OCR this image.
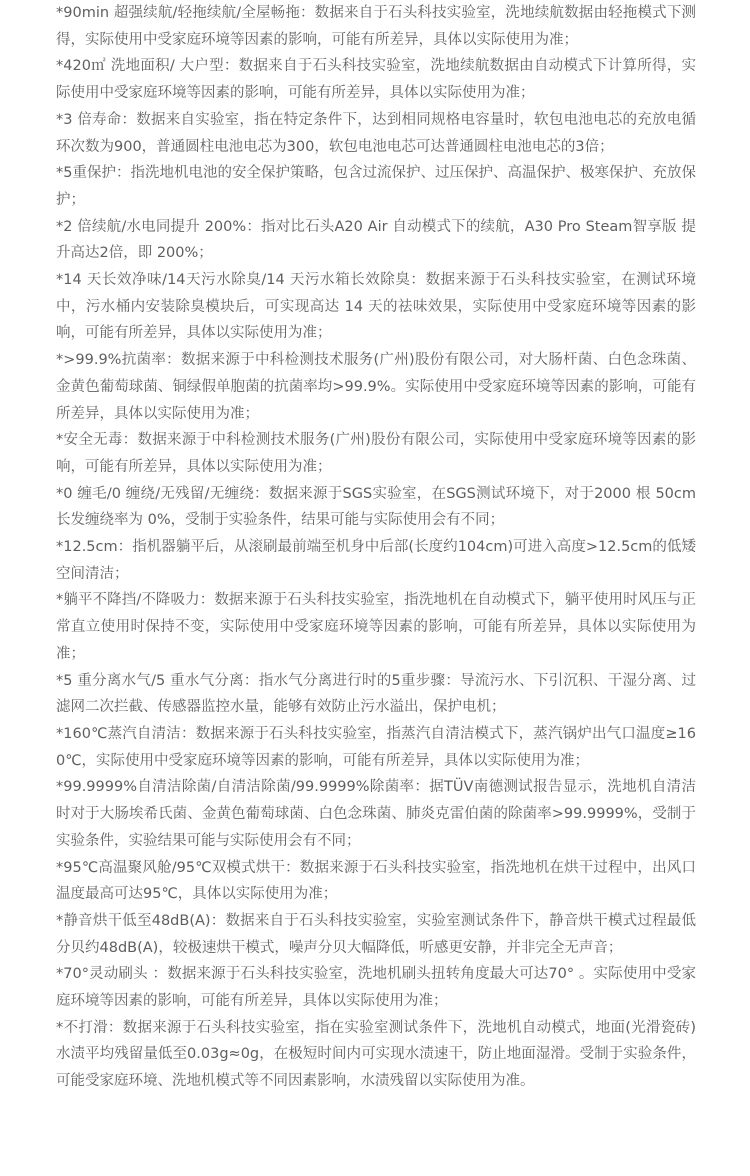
*90min 超强续航/轻拖续航/全屋畅拖：数据来自于石头科技实验室，洗地续航数据由轻拖模式下测得，实际使用中受家庭环境等因素的影响，可能有所差异，具体以实际使用为准；

*420㎡ 洗地面积/ 大户型：数据来自于石头科技实验室，洗地续航数据由自动模式下计算所得，实际使用中受家庭环境等因素的影响，可能有所差异，具体以实际使用为准；

*3 倍寿命：数据来自实验室，指在特定条件下，达到相同规格电容量时，软包电池电芯的充放电循环次数为900，普通圆柱电池电芯为300，软包电池电芯可达普通圆柱电池电芯的3倍；

*5重保护：指洗地机电池的安全保护策略，包含过流保护、过压保护、高温保护、极寒保护、充放保护；

*2 倍续航/水电同提升 200%：指对比石头A20 Air 自动模式下的续航，A30 Pro Steam智享版 提升高达2倍，即 200%；

*14 天长效净味/14天污水除臭/14 天污水箱长效除臭：数据来源于石头科技实验室，在测试环境中，污水桶内安装除臭模块后，可实现高达 14 天的祛味效果，实际使用中受家庭环境等因素的影响，可能有所差异，具体以实际使用为准；

*>99.9%抗菌率：数据来源于中科检测技术服务(广州)股份有限公司，对大肠杆菌、白色念珠菌、金黄色葡萄球菌、铜绿假单胞菌的抗菌率均>99.9%。实际使用中受家庭环境等因素的影响，可能有所差异，具体以实际使用为准；

*安全无毒：数据来源于中科检测技术服务(广州)股份有限公司，实际使用中受家庭环境等因素的影响，可能有所差异，具体以实际使用为准；

*0 缠毛/0 缠绕/无残留/无缠绕：数据来源于SGS实验室，在SGS测试环境下，对于2000 根 50cm 长发缠绕率为 0%，受制于实验条件，结果可能与实际使用会有不同；

*12.5cm：指机器躺平后，从滚刷最前端至机身中后部(长度约104cm)可进入高度>12.5cm的低矮空间清洁；

*躺平不降挡/不降吸力：数据来源于石头科技实验室，指洗地机在自动模式下，躺平使用时风压与正常直立使用时保持不变，实际使用中受家庭环境等因素的影响，可能有所差异，具体以实际使用为准；

*5 重分离水气/5 重水气分离：指水气分离进行时的5重步骤：导流污水、下引沉积、干湿分离、过滤网二次拦截、传感器监控水量，能够有效防止污水溢出，保护电机；

*160℃蒸汽自清洁：数据来源于石头科技实验室，指蒸汽自清洁模式下，蒸汽锅炉出气口温度≥160℃，实际使用中受家庭环境等因素的影响，可能有所差异，具体以实际使用为准；

*99.9999%自清洁除菌/自清洁除菌/99.9999%除菌率：据TÜV南德测试报告显示，洗地机自清洁时对于大肠埃希氏菌、金黄色葡萄球菌、白色念珠菌、肺炎克雷伯菌的除菌率>99.9999%，受制于实验条件，实验结果可能与实际使用会有不同；

*95℃高温聚风舱/95℃双模式烘干：数据来源于石头科技实验室，指洗地机在烘干过程中，出风口温度最高可达95℃，具体以实际使用为准；

*静音烘干低至48dB(A)：数据来自于石头科技实验室，实验室测试条件下，静音烘干模式过程最低分贝约48dB(A)，较极速烘干模式，噪声分贝大幅降低，听感更安静，并非完全无声音；

*70°灵动刷头 ：数据来源于石头科技实验室，洗地机刷头扭转角度最大可达70° 。实际使用中受家庭环境等因素的影响，可能有所差异，具体以实际使用为准；

*不打滑：数据来源于石头科技实验室，指在实验室测试条件下，洗地机自动模式，地面(光滑瓷砖)水渍平均残留量低至0.03g≈0g，在极短时间内可实现水渍速干，防止地面湿滑。受制于实验条件，可能受家庭环境、洗地机模式等不同因素影响，水渍残留以实际使用为准。
